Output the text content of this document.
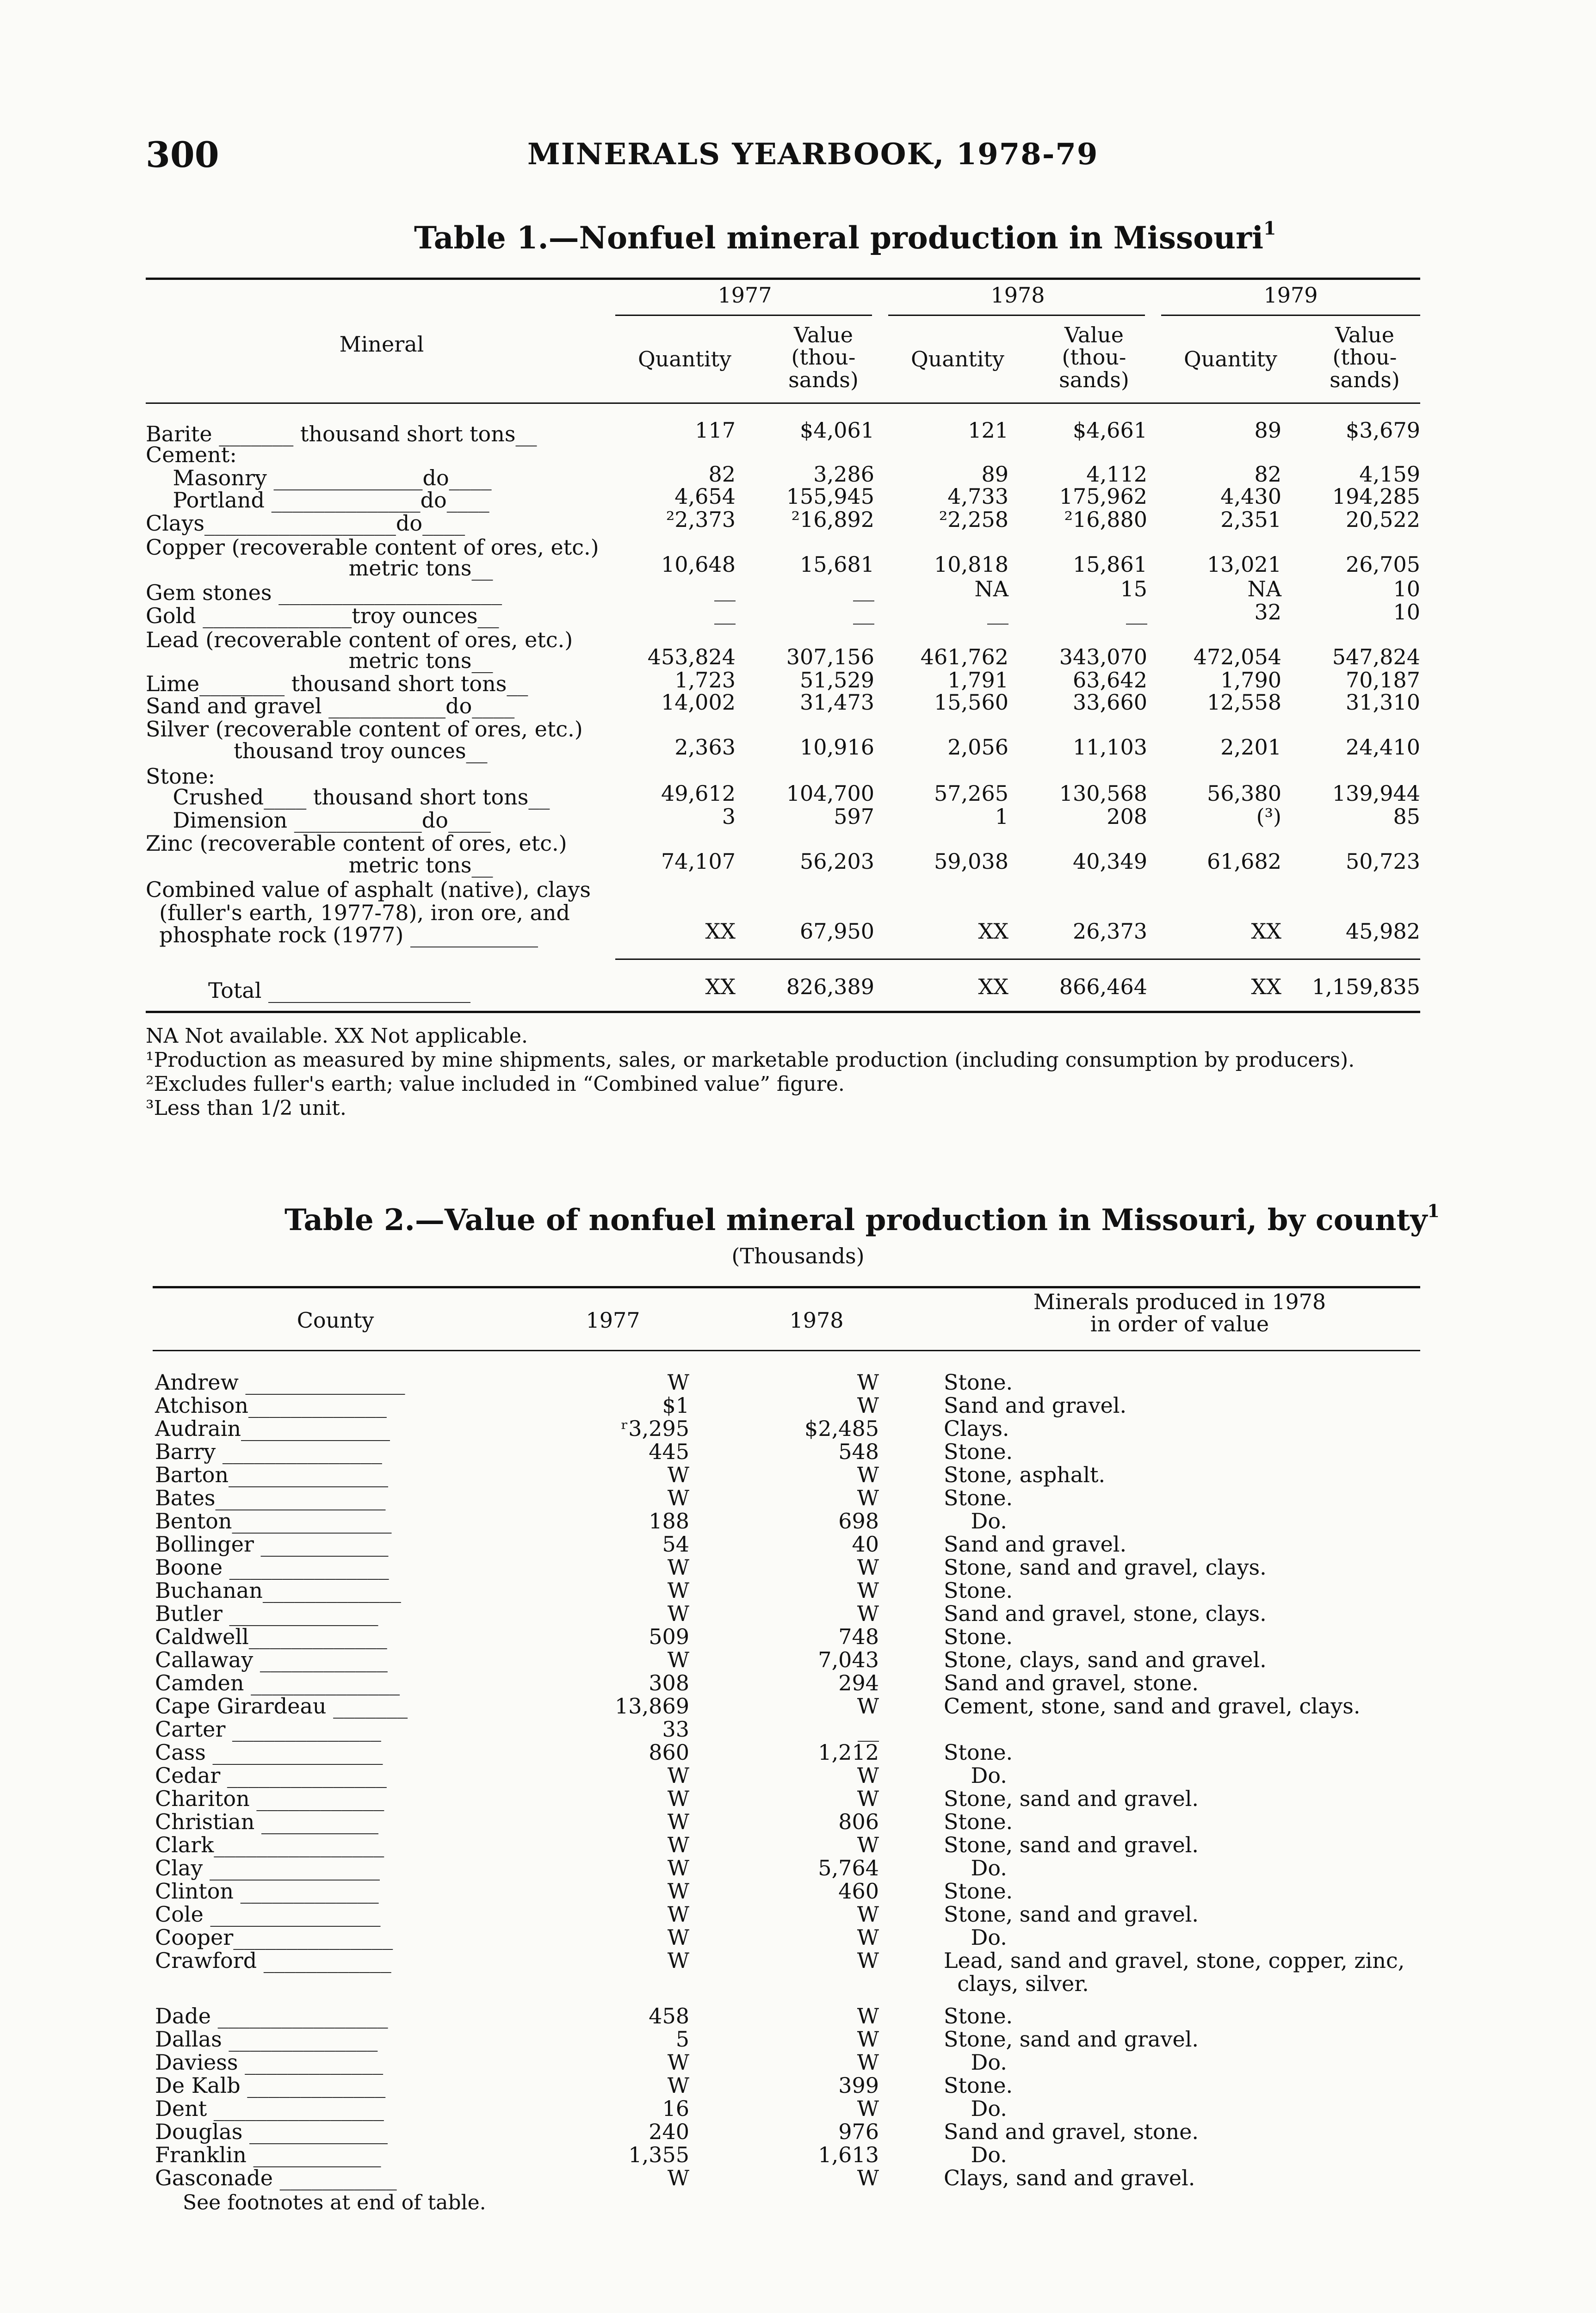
300	MINERALS YEARBOOK, 1978-79
Table 1.—Nonfuel mineral production in Missouri$^1$
Mineral
1977	1978	1979
Quantity
Value
(thou-
sands)
Quantity
Value
(thou-
sands)
Quantity
Value
(thou-
sands)
Barite _______ thousand short tons__	117	$4,061	121	$4,661	89	$3,679
Cement:
Masonry ______________do____	82	3,286	89	4,112	82	4,159
Portland ______________do____	4,654	155,945	4,733	175,962	4,430	194,285
Clays__________________do____	²2,373	²16,892	²2,258	²16,880	2,351	20,522
Copper (recoverable content of ores, etc.)
metric tons__	10,648	15,681	10,818	15,861	13,021	26,705
Gem stones _____________________	__	__	NA	15	NA	10
Gold ______________troy ounces__	__	__	__	__	32	10
Lead (recoverable content of ores, etc.)
metric tons__	453,824	307,156	461,762	343,070	472,054	547,824
Lime________ thousand short tons__	1,723	51,529	1,791	63,642	1,790	70,187
Sand and gravel ___________do____	14,002	31,473	15,560	33,660	12,558	31,310
Silver (recoverable content of ores, etc.)
thousand troy ounces__	2,363	10,916	2,056	11,103	2,201	24,410
Stone:
Crushed____ thousand short tons__	49,612	104,700	57,265	130,568	56,380	139,944
Dimension ____________do____	3	597	1	208	(³)	85
Zinc (recoverable content of ores, etc.)
metric tons__	74,107	56,203	59,038	40,349	61,682	50,723
Combined value of asphalt (native), clays
(fuller's earth, 1977-78), iron ore, and
phosphate rock (1977) ____________	XX	67,950	XX	26,373	XX	45,982
Total ___________________	XX	826,389	XX	866,464	XX	1,159,835
NA Not available. XX Not applicable.
¹Production as measured by mine shipments, sales, or marketable production (including consumption by producers).
²Excludes fuller's earth; value included in “Combined value” figure.
³Less than 1/2 unit.
Table 2.—Value of nonfuel mineral production in Missouri, by county$^1$
(Thousands)
County	1977	1978
Minerals produced in 1978
in order of value
Andrew _______________	W	W	Stone.
Atchison_____________	$1	W	Sand and gravel.
Audrain______________	ʳ3,295	$2,485	Clays.
Barry _______________	445	548	Stone.
Barton_______________	W	W	Stone, asphalt.
Bates________________	W	W	Stone.
Benton_______________	188	698	Do.
Bollinger ____________	54	40	Sand and gravel.
Boone _______________	W	W	Stone, sand and gravel, clays.
Buchanan_____________	W	W	Stone.
Butler ______________	W	W	Sand and gravel, stone, clays.
Caldwell_____________	509	748	Stone.
Callaway ____________	W	7,043	Stone, clays, sand and gravel.
Camden ______________	308	294	Sand and gravel, stone.
Cape Girardeau _______	13,869	W	Cement, stone, sand and gravel, clays.
Carter ______________	33	__
Cass ________________	860	1,212	Stone.
Cedar _______________	W	W	Do.
Chariton ____________	W	W	Stone, sand and gravel.
Christian ___________	W	806	Stone.
Clark________________	W	W	Stone, sand and gravel.
Clay ________________	W	5,764	Do.
Clinton _____________	W	460	Stone.
Cole ________________	W	W	Stone, sand and gravel.
Cooper_______________	W	W	Do.
Crawford ____________	W	W	Lead, sand and gravel, stone, copper, zinc,
clays, silver.
Dade ________________	458	W	Stone.
Dallas ______________	5	W	Stone, sand and gravel.
Daviess _____________	W	W	Do.
De Kalb _____________	W	399	Stone.
Dent ________________	16	W	Do.
Douglas _____________	240	976	Sand and gravel, stone.
Franklin ____________	1,355	1,613	Do.
Gasconade ___________	W	W	Clays, sand and gravel.
See footnotes at end of table.
